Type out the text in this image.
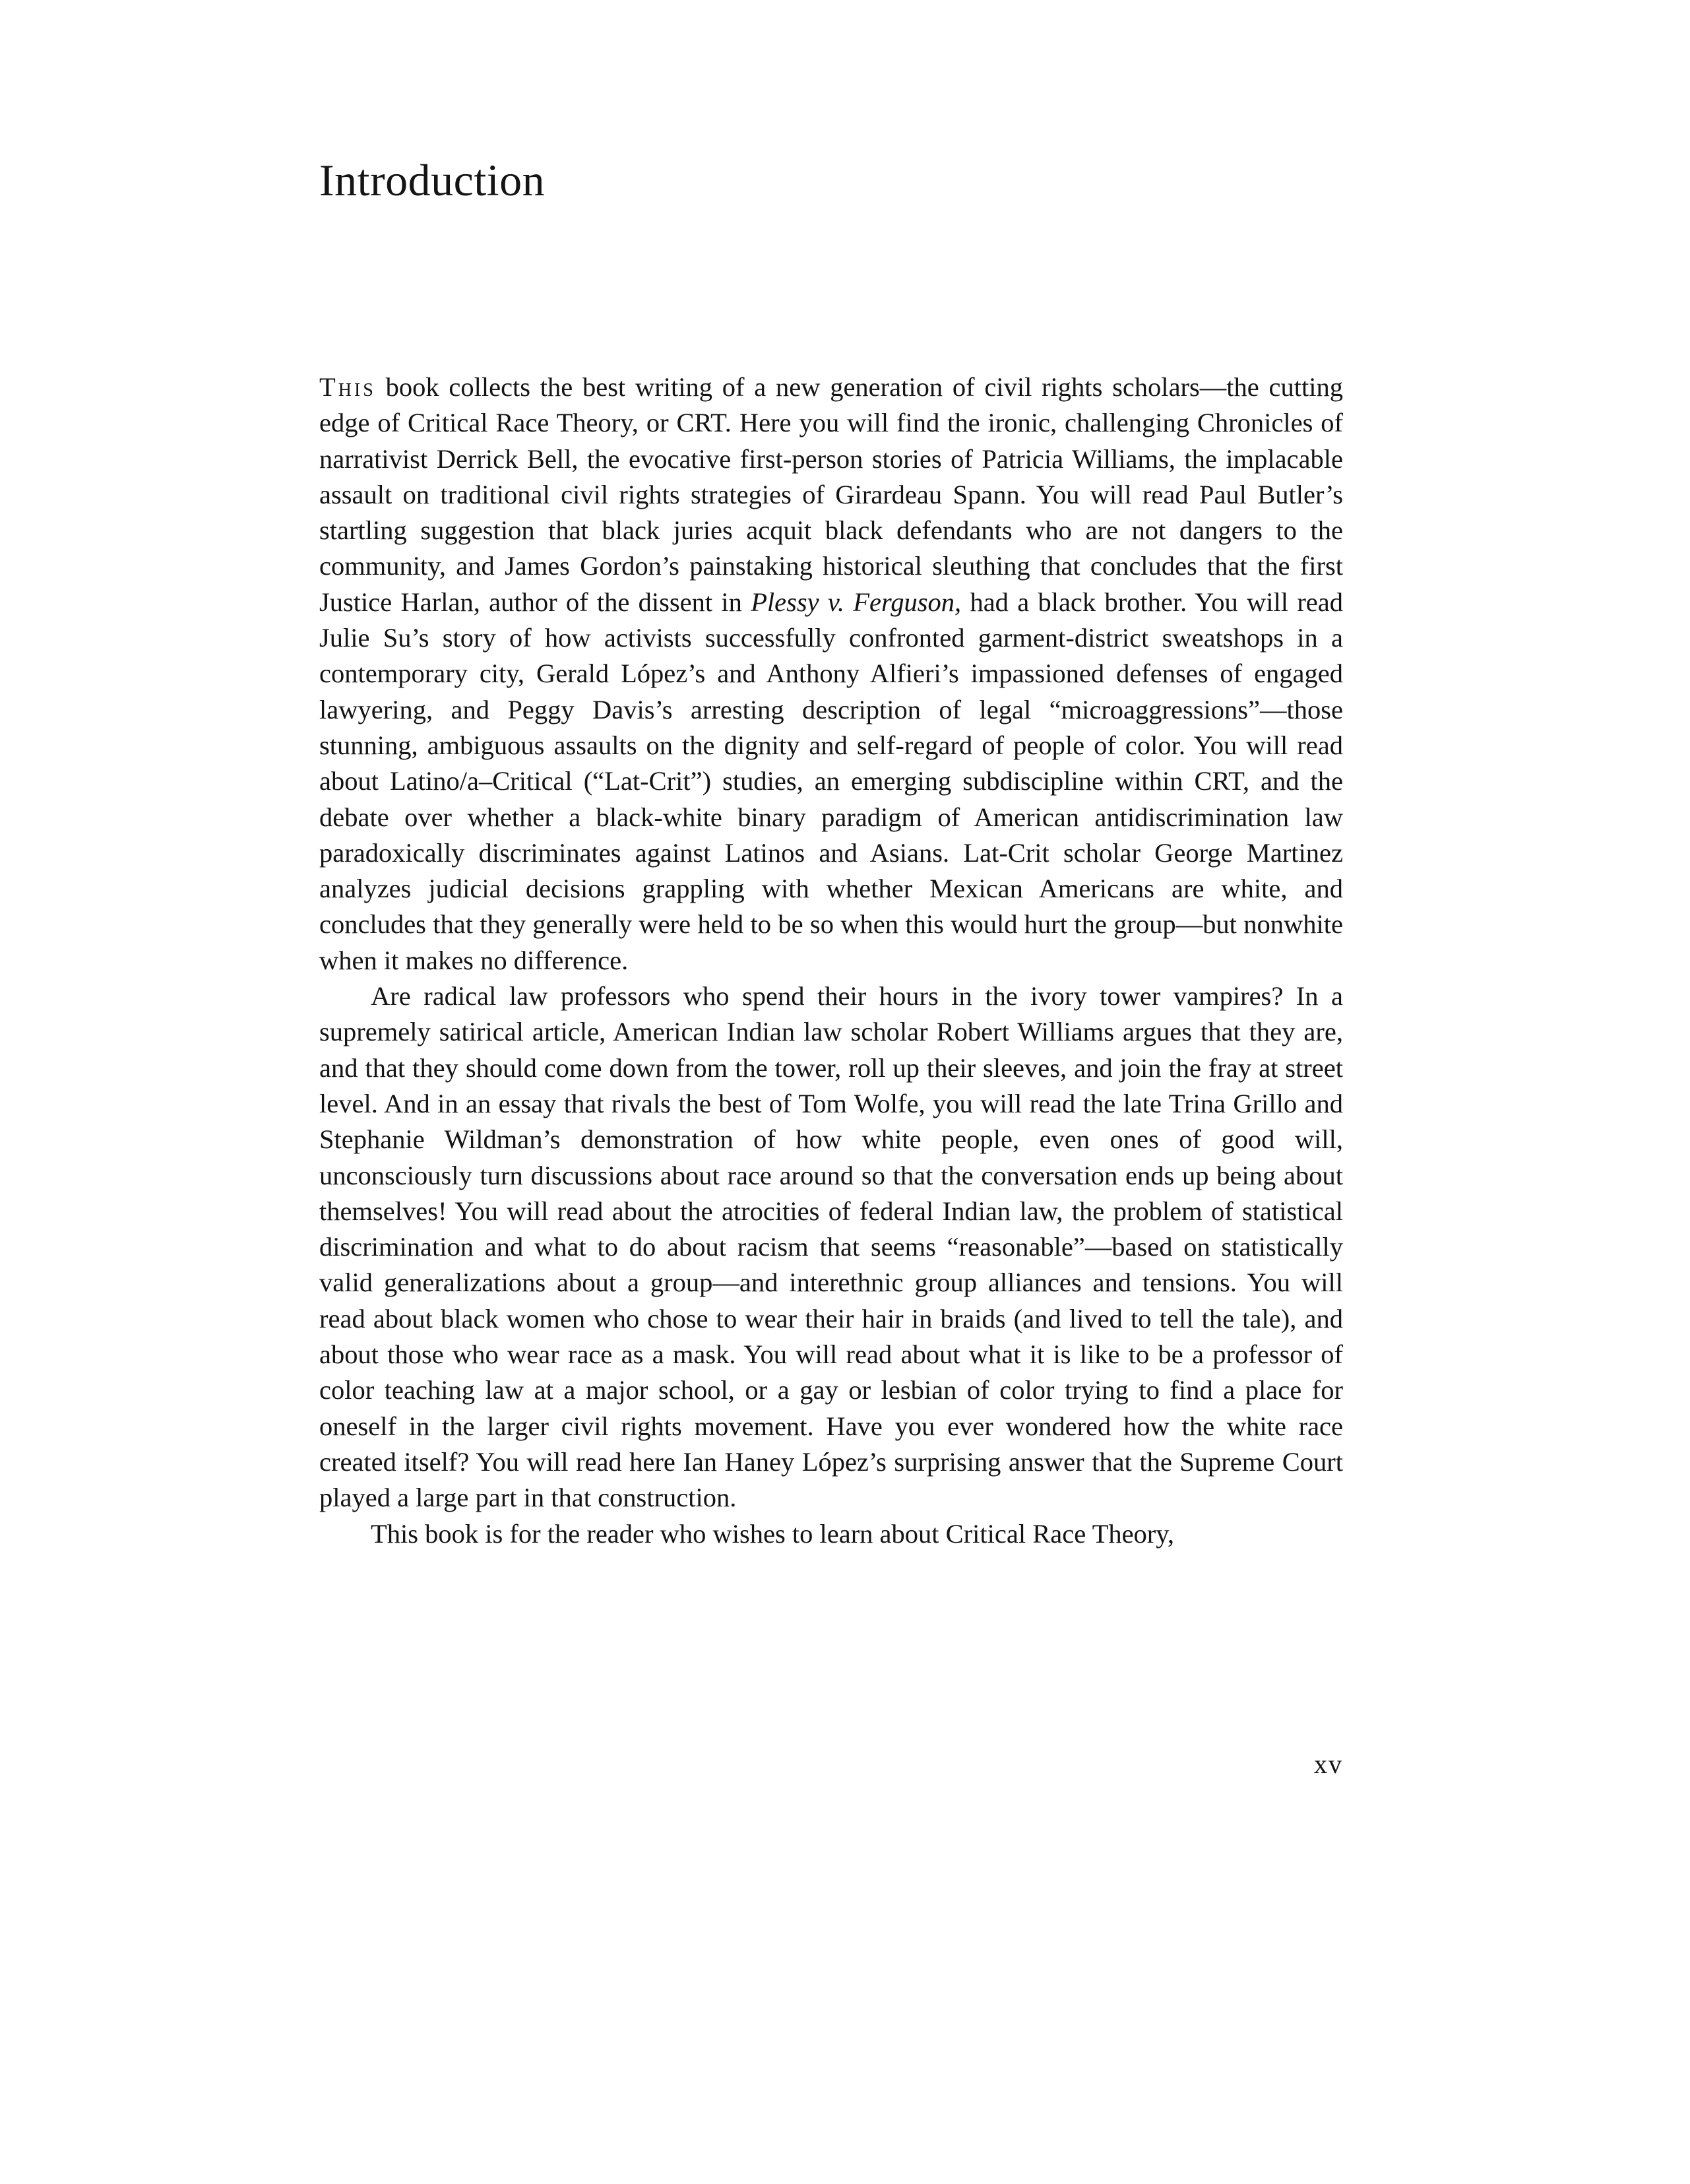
Introduction

This book collects the best writing of a new generation of civil rights scholars—the cutting edge of Critical Race Theory, or CRT. Here you will find the ironic, challenging Chronicles of narrativist Derrick Bell, the evocative first-person stories of Patricia Williams, the implacable assault on traditional civil rights strategies of Girardeau Spann. You will read Paul Butler’s startling suggestion that black juries acquit black defendants who are not dangers to the community, and James Gordon’s painstaking historical sleuthing that concludes that the first Justice Harlan, author of the dissent in Plessy v. Ferguson, had a black brother. You will read Julie Su’s story of how activists successfully confronted garment-district sweatshops in a contemporary city, Gerald López’s and Anthony Alfieri’s impassioned defenses of engaged lawyering, and Peggy Davis’s arresting description of legal “microaggressions”—those stunning, ambiguous assaults on the dignity and self-regard of people of color. You will read about Latino/a–Critical (“Lat-Crit”) studies, an emerging subdiscipline within CRT, and the debate over whether a black-white binary paradigm of American antidiscrimination law paradoxically discriminates against Latinos and Asians. Lat-Crit scholar George Martinez analyzes judicial decisions grappling with whether Mexican Americans are white, and concludes that they generally were held to be so when this would hurt the group—but nonwhite when it makes no difference.

Are radical law professors who spend their hours in the ivory tower vampires? In a supremely satirical article, American Indian law scholar Robert Williams argues that they are, and that they should come down from the tower, roll up their sleeves, and join the fray at street level. And in an essay that rivals the best of Tom Wolfe, you will read the late Trina Grillo and Stephanie Wildman’s demonstration of how white people, even ones of good will, unconsciously turn discussions about race around so that the conversation ends up being about themselves! You will read about the atrocities of federal Indian law, the problem of statistical discrimination and what to do about racism that seems “reasonable”—based on statistically valid generalizations about a group—and interethnic group alliances and tensions. You will read about black women who chose to wear their hair in braids (and lived to tell the tale), and about those who wear race as a mask. You will read about what it is like to be a professor of color teaching law at a major school, or a gay or lesbian of color trying to find a place for oneself in the larger civil rights movement. Have you ever wondered how the white race created itself? You will read here Ian Haney López’s surprising answer that the Supreme Court played a large part in that construction.

This book is for the reader who wishes to learn about Critical Race Theory,

xv
